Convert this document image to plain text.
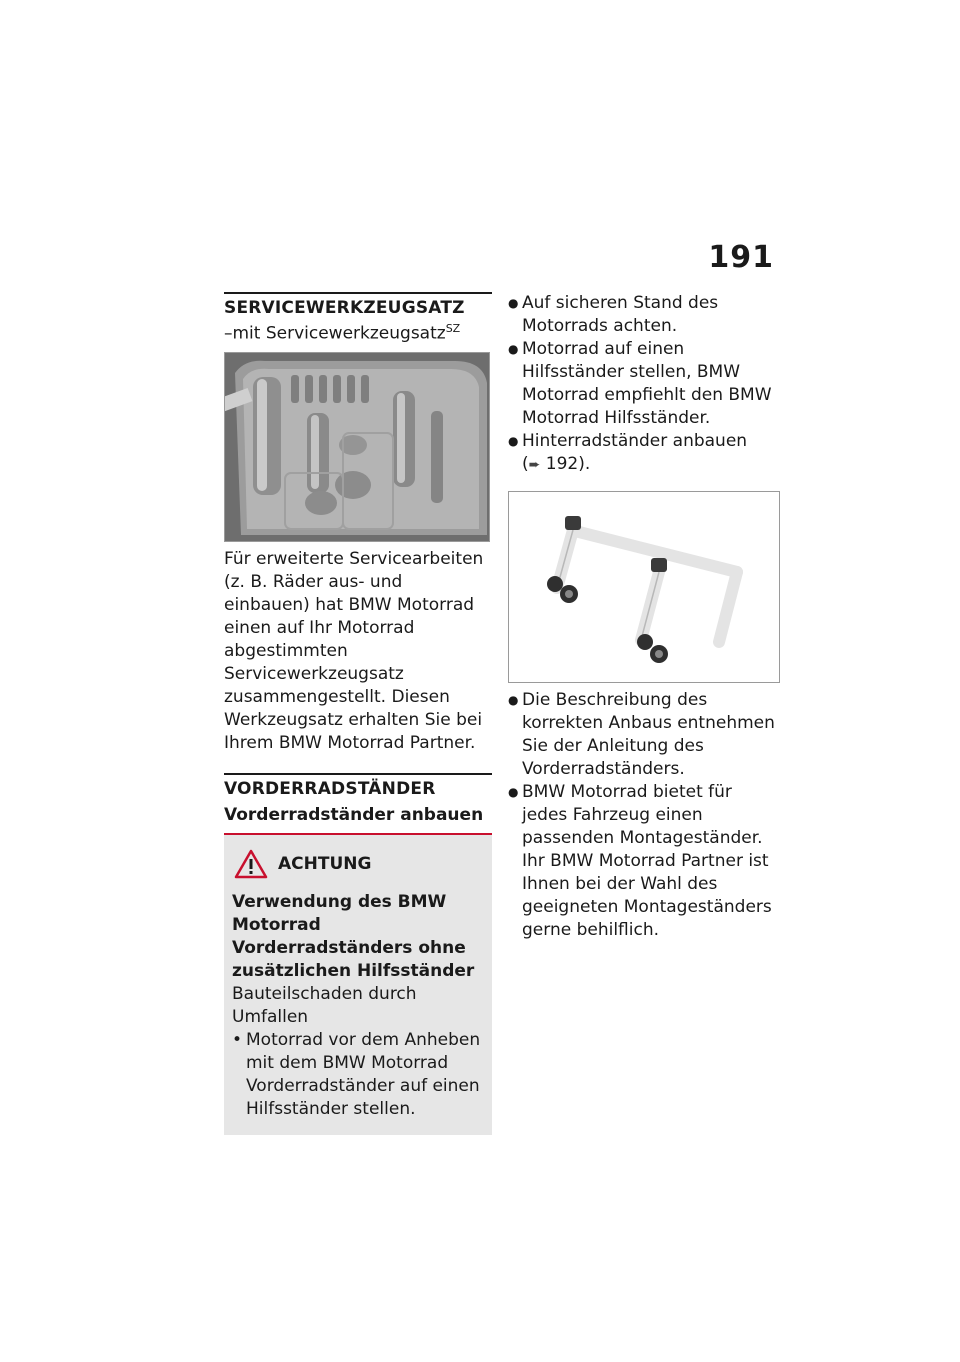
191
SERVICEWERKZEUGSATZ
–mit Servicewerkzeugsatz$^{SZ}$
Für erweiterte Servicearbeiten (z. B. Räder aus- und einbauen) hat BMW Motorrad einen auf Ihr Motorrad abgestimmten Servicewerkzeugsatz zusammengestellt. Diesen Werkzeugsatz erhalten Sie bei Ihrem BMW Motorrad Partner.
VORDERRADSTÄNDER
Vorderradständer anbauen
ACHTUNG
Verwendung des BMW Motorrad Vorderradständers ohne zusätzlichen Hilfsständer
Bauteilschaden durch Umfallen
• Motorrad vor dem Anheben mit dem BMW Motorrad Vorderradständer auf einen Hilfsständer stellen.
● Auf sicheren Stand des Motorrads achten.
● Motorrad auf einen Hilfsständer stellen, BMW Motorrad empfiehlt den BMW Motorrad Hilfsständer.
● Hinterradständer anbauen
(➨ 192).
● Die Beschreibung des korrekten Anbaus entnehmen Sie der Anleitung des Vorderradständers.
● BMW Motorrad bietet für jedes Fahrzeug einen passenden Montageständer. Ihr BMW Motorrad Partner ist Ihnen bei der Wahl des geeigneten Montageständers gerne behilflich.
